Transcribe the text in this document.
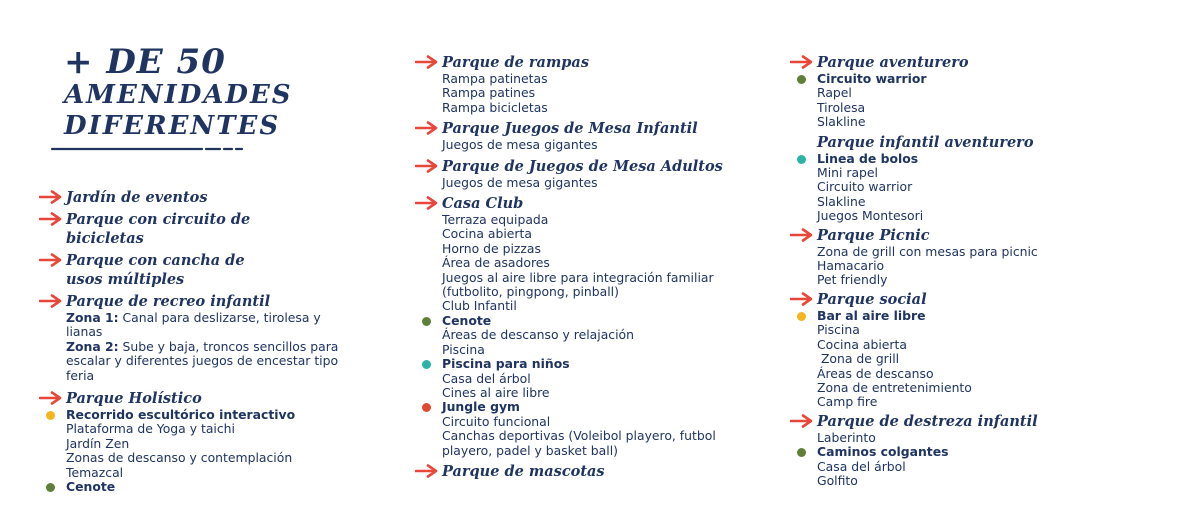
+ DE 50
AMENIDADES
DIFERENTES
Jardín de eventos
Parque con circuito de bicicletas
Parque con cancha de usos múltiples
Parque de recreo infantil
Zona 1: Canal para deslizarse, tirolesa y lianas
Zona 2: Sube y baja, troncos sencillos para escalar y diferentes juegos de encestar tipo feria
Parque Holístico
Recorrido escultórico interactivo
Plataforma de Yoga y taichi
Jardín Zen
Zonas de descanso y contemplación
Temazcal
Cenote
Parque de rampas
Rampa patinetas
Rampa patines
Rampa bicicletas
Parque Juegos de Mesa Infantil
Juegos de mesa gigantes
Parque de Juegos de Mesa Adultos
Juegos de mesa gigantes
Casa Club
Terraza equipada
Cocina abierta
Horno de pizzas
Área de asadores
Juegos al aire libre para integración familiar (futbolito, pingpong, pinball)
Club Infantil
Cenote
Áreas de descanso y relajación
Piscina
Piscina para niños
Casa del árbol
Cines al aire libre
Jungle gym
Circuito funcional
Canchas deportivas (Voleibol playero, futbol playero, padel y basket ball)
Parque de mascotas
Parque aventurero
Circuito warrior
Rapel
Tirolesa
Slakline
Parque infantil aventurero
Linea de bolos
Mini rapel
Circuito warrior
Slakline
Juegos Montesori
Parque Picnic
Zona de grill con mesas para picnic
Hamacario
Pet friendly
Parque social
Bar al aire libre
Piscina
Cocina abierta
Zona de grill
Áreas de descanso
Zona de entretenimiento
Camp fire
Parque de destreza infantil
Laberinto
Caminos colgantes
Casa del árbol
Golfito
